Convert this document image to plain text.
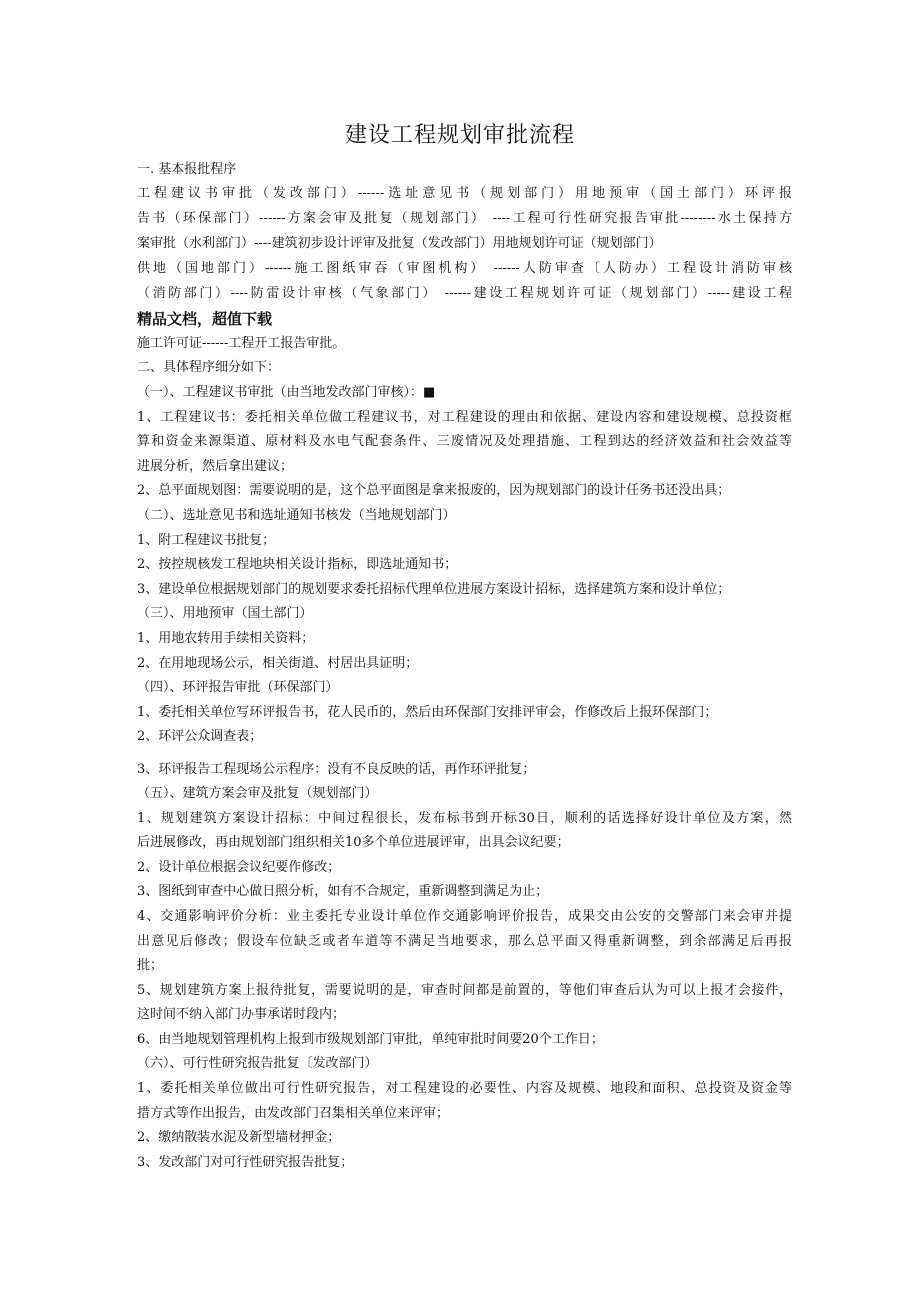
建设工程规划审批流程
一. 基本报批程序
工程建议书审批（发改部门）------选址意见书（规划部门）用地预审（国土部门）环评报
告书（环保部门）------方案会审及批复（规划部门） ----工程可行性研究报告审批--------水土保持方
案审批（水利部门）----建筑初步设计评审及批复（发改部门）用地规划许可证（规划部门）
供地（国地部门）------施工图纸审吞（审图机构） ------人防审查〔人防办）工程设计消防审核
（消防部门）----防雷设计审核（气象部门） ------建设工程规划许可证（规划部门）-----建设工程
精品文档，超值下载
施工许可证------工程开工报告审批。
二、具体程序细分如下：
（一）、工程建议书审批（由当地发改部门审核）：■
1、工程建议书：委托相关单位做工程建议书，对工程建设的理由和依据、建设内容和建设规模、总投资框
算和资金来源渠道、原材料及水电气配套条件、三废情况及处理措施、工程到达的经济效益和社会效益等
进展分析，然后拿出建议；
2、总平面规划图：需要说明的是，这个总平面图是拿来报废的，因为规划部门的设计任务书还没出具；
（二）、选址意见书和选址通知书核发（当地规划部门）
1、附工程建议书批复；
2、按控规核发工程地块相关设计指标，即选址通知书；
3、建设单位根据规划部门的规划要求委托招标代理单位进展方案设计招标，选择建筑方案和设计单位；
（三）、用地预审（国土部门）
1、用地农转用手续相关资料；
2、在用地现场公示，相关街道、村居出具证明；
（四）、环评报告审批（环保部门）
1、委托相关单位写环评报告书，花人民币的，然后由环保部门安排评审会，作修改后上报环保部门；
2、环评公众调查表；
3、环评报告工程现场公示程序：没有不良反映的话，再作环评批复；
（五）、建筑方案会审及批复（规划部门）
1、规划建筑方案设计招标：中间过程很长，发布标书到开标30日，顺利的话选择好设计单位及方案，然
后进展修改，再由规划部门组织相关10多个单位进展评审，出具会议纪要；
2、设计单位根据会议纪要作修改；
3、图纸到审查中心做日照分析，如有不合规定，重新调整到满足为止；
4、交通影响评价分析：业主委托专业设计单位作交通影响评价报告，成果交由公安的交警部门来会审并提
出意见后修改；假设车位缺乏或者车道等不满足当地要求，那么总平面又得重新调整，到余部满足后再报
批；
5、规划建筑方案上报待批复，需要说明的是，审查时间都是前置的，等他们审查后认为可以上报才会接件，
这时间不纳入部门办事承诺时段内；
6、由当地规划管理机构上报到市级规划部门审批，单纯审批时间要20个工作日；
（六）、可行性研究报告批复〔发改部门）
1、委托相关单位做出可行性研究报告，对工程建设的必要性、内容及规模、地段和面积、总投资及资金等
措方式等作出报告，由发改部门召集相关单位来评审；
2、缴纳散装水泥及新型墙材押金；
3、发改部门对可行性研究报告批复；
